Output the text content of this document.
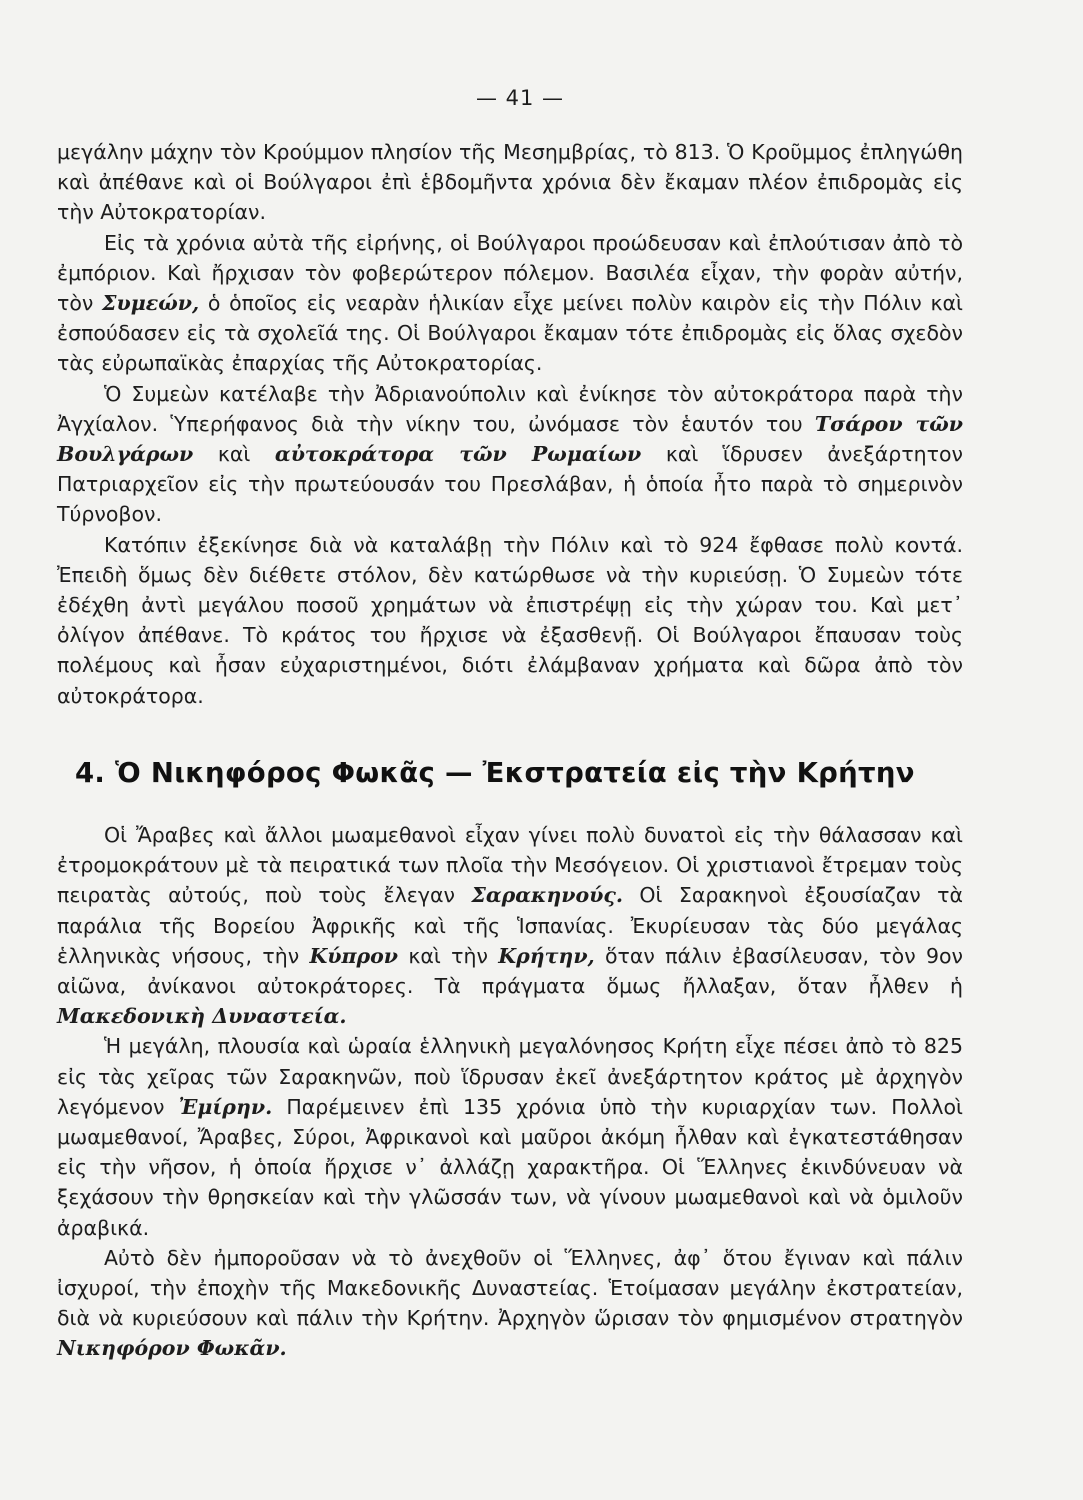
— 41 —

μεγάλην μάχην τὸν Κρούμμον πλησίον τῆς Μεσημβρίας, τὸ 813. Ὁ Κροῦμμος ἐπληγώθη καὶ ἀπέθανε καὶ οἱ Βούλγαροι ἐπὶ ἑβδομῆντα χρόνια δὲν ἔκαμαν πλέον ἐπιδρομὰς εἰς τὴν Αὐτοκρατορίαν.

Εἰς τὰ χρόνια αὐτὰ τῆς εἰρήνης, οἱ Βούλγαροι προώδευσαν καὶ ἐπλούτισαν ἀπὸ τὸ ἐμπόριον. Καὶ ἤρχισαν τὸν φοβερώτερον πόλεμον. Βασιλέα εἶχαν, τὴν φορὰν αὐτήν, τὸν Συμεών, ὁ ὁποῖος εἰς νεαρὰν ἡλικίαν εἶχε μείνει πολὺν καιρὸν εἰς τὴν Πόλιν καὶ ἐσπούδασεν εἰς τὰ σχολεῖά της. Οἱ Βούλγαροι ἔκαμαν τότε ἐπιδρομὰς εἰς ὅλας σχεδὸν τὰς εὐρωπαϊκὰς ἐπαρχίας τῆς Αὐτοκρατορίας.

Ὁ Συμεὼν κατέλαβε τὴν Ἀδριανούπολιν καὶ ἐνίκησε τὸν αὐτοκράτορα παρὰ τὴν Ἀγχίαλον. Ὑπερήφανος διὰ τὴν νίκην του, ὠνόμασε τὸν ἑαυτόν του Τσάρον τῶν Βουλγάρων καὶ αὐτοκράτορα τῶν Ρωμαίων καὶ ἵδρυσεν ἀνεξάρτητον Πατριαρχεῖον εἰς τὴν πρωτεύουσάν του Πρεσλάβαν, ἡ ὁποία ἦτο παρὰ τὸ σημερινὸν Τύρνοβον.

Κατόπιν ἐξεκίνησε διὰ νὰ καταλάβῃ τὴν Πόλιν καὶ τὸ 924 ἔφθασε πολὺ κοντά. Ἐπειδὴ ὅμως δὲν διέθετε στόλον, δὲν κατώρθωσε νὰ τὴν κυριεύσῃ. Ὁ Συμεὼν τότε ἐδέχθη ἀντὶ μεγάλου ποσοῦ χρημάτων νὰ ἐπιστρέψῃ εἰς τὴν χώραν του. Καὶ μετ᾽ ὀλίγον ἀπέθανε. Τὸ κράτος του ἤρχισε νὰ ἐξασθενῇ. Οἱ Βούλγαροι ἔπαυσαν τοὺς πολέμους καὶ ἦσαν εὐχαριστημένοι, διότι ἐλάμβαναν χρήματα καὶ δῶρα ἀπὸ τὸν αὐτοκράτορα.

4. Ὁ Νικηφόρος Φωκᾶς — Ἐκστρατεία εἰς τὴν Κρήτην

Οἱ Ἄραβες καὶ ἄλλοι μωαμεθανοὶ εἶχαν γίνει πολὺ δυνατοὶ εἰς τὴν θάλασσαν καὶ ἐτρομοκράτουν μὲ τὰ πειρατικά των πλοῖα τὴν Μεσόγειον. Οἱ χριστιανοὶ ἔτρεμαν τοὺς πειρατὰς αὐτούς, ποὺ τοὺς ἔλεγαν Σαρακηνούς. Οἱ Σαρακηνοὶ ἐξουσίαζαν τὰ παράλια τῆς Βορείου Ἀφρικῆς καὶ τῆς Ἱσπανίας. Ἐκυρίευσαν τὰς δύο μεγάλας ἑλληνικὰς νήσους, τὴν Κύπρον καὶ τὴν Κρήτην, ὅταν πάλιν ἐβασίλευσαν, τὸν 9ον αἰῶνα, ἀνίκανοι αὐτοκράτορες. Τὰ πράγματα ὅμως ἤλλαξαν, ὅταν ἦλθεν ἡ Μακεδονικὴ Δυναστεία.

Ἡ μεγάλη, πλουσία καὶ ὡραία ἑλληνικὴ μεγαλόνησος Κρήτη εἶχε πέσει ἀπὸ τὸ 825 εἰς τὰς χεῖρας τῶν Σαρακηνῶν, ποὺ ἵδρυσαν ἐκεῖ ἀνεξάρτητον κράτος μὲ ἀρχηγὸν λεγόμενον Ἐμίρην. Παρέμεινεν ἐπὶ 135 χρόνια ὑπὸ τὴν κυριαρχίαν των. Πολλοὶ μωαμεθανοί, Ἄραβες, Σύροι, Ἀφρικανοὶ καὶ μαῦροι ἀκόμη ἦλθαν καὶ ἐγκατεστάθησαν εἰς τὴν νῆσον, ἡ ὁποία ἤρχισε ν᾽ ἀλλάζῃ χαρακτῆρα. Οἱ Ἕλληνες ἐκινδύνευαν νὰ ξεχάσουν τὴν θρησκείαν καὶ τὴν γλῶσσάν των, νὰ γίνουν μωαμεθανοὶ καὶ νὰ ὁμιλοῦν ἀραβικά.

Αὐτὸ δὲν ἠμποροῦσαν νὰ τὸ ἀνεχθοῦν οἱ Ἕλληνες, ἀφ᾽ ὅτου ἔγιναν καὶ πάλιν ἰσχυροί, τὴν ἐποχὴν τῆς Μακεδονικῆς Δυναστείας. Ἑτοίμασαν μεγάλην ἐκστρατείαν, διὰ νὰ κυριεύσουν καὶ πάλιν τὴν Κρήτην. Ἀρχηγὸν ὥρισαν τὸν φημισμένον στρατηγὸν Νικηφόρον Φωκᾶν.
